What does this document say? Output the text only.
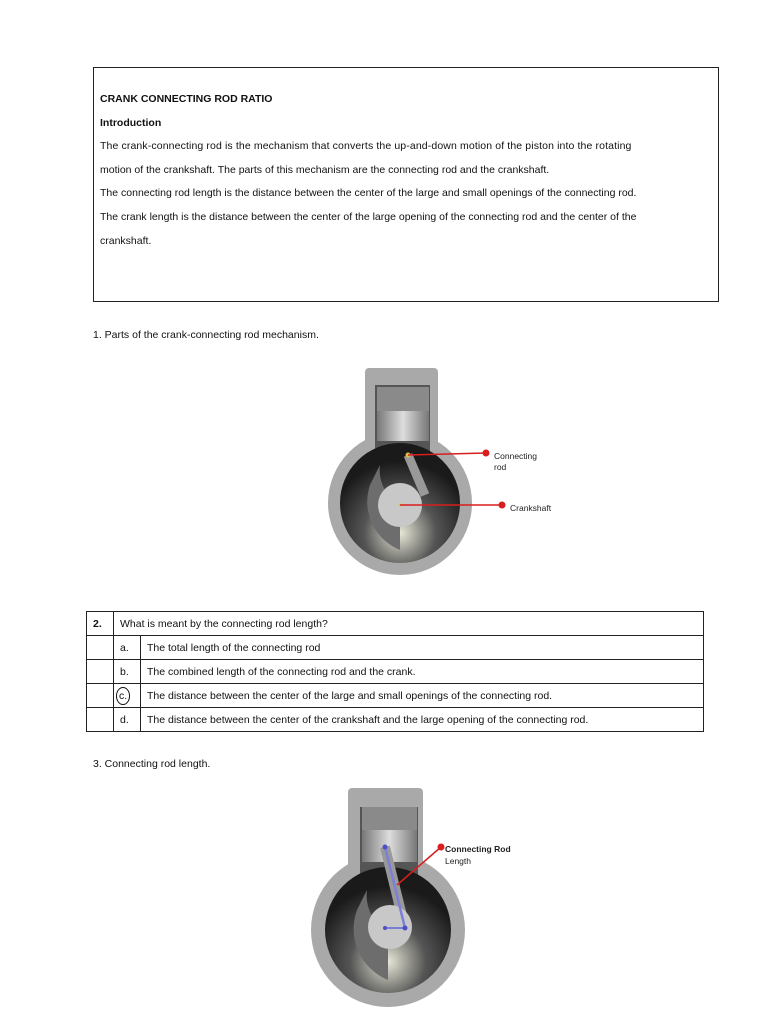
CRANK CONNECTING ROD RATIO
Introduction
The crank-connecting rod is the mechanism that converts the up-and-down motion of the piston into the rotating
motion of the crankshaft. The parts of this mechanism are the connecting rod and the crankshaft.
The connecting rod length is the distance between the center of the large and small openings of the connecting rod.
The crank length is the distance between the center of the large opening of the connecting rod and the center of the
crankshaft.
1. Parts of the crank-connecting rod mechanism.
Connecting
rod
Crankshaft
2.	What is meant by the connecting rod length?	
	a.	The total length of the connecting rod
	b.	The combined length of the connecting rod and the crank.
	c.	The distance between the center of the large and small openings of the connecting rod.
	d.	The distance between the center of the crankshaft and the large opening of the connecting rod.
3. Connecting rod length.
Connecting Rod
Length
